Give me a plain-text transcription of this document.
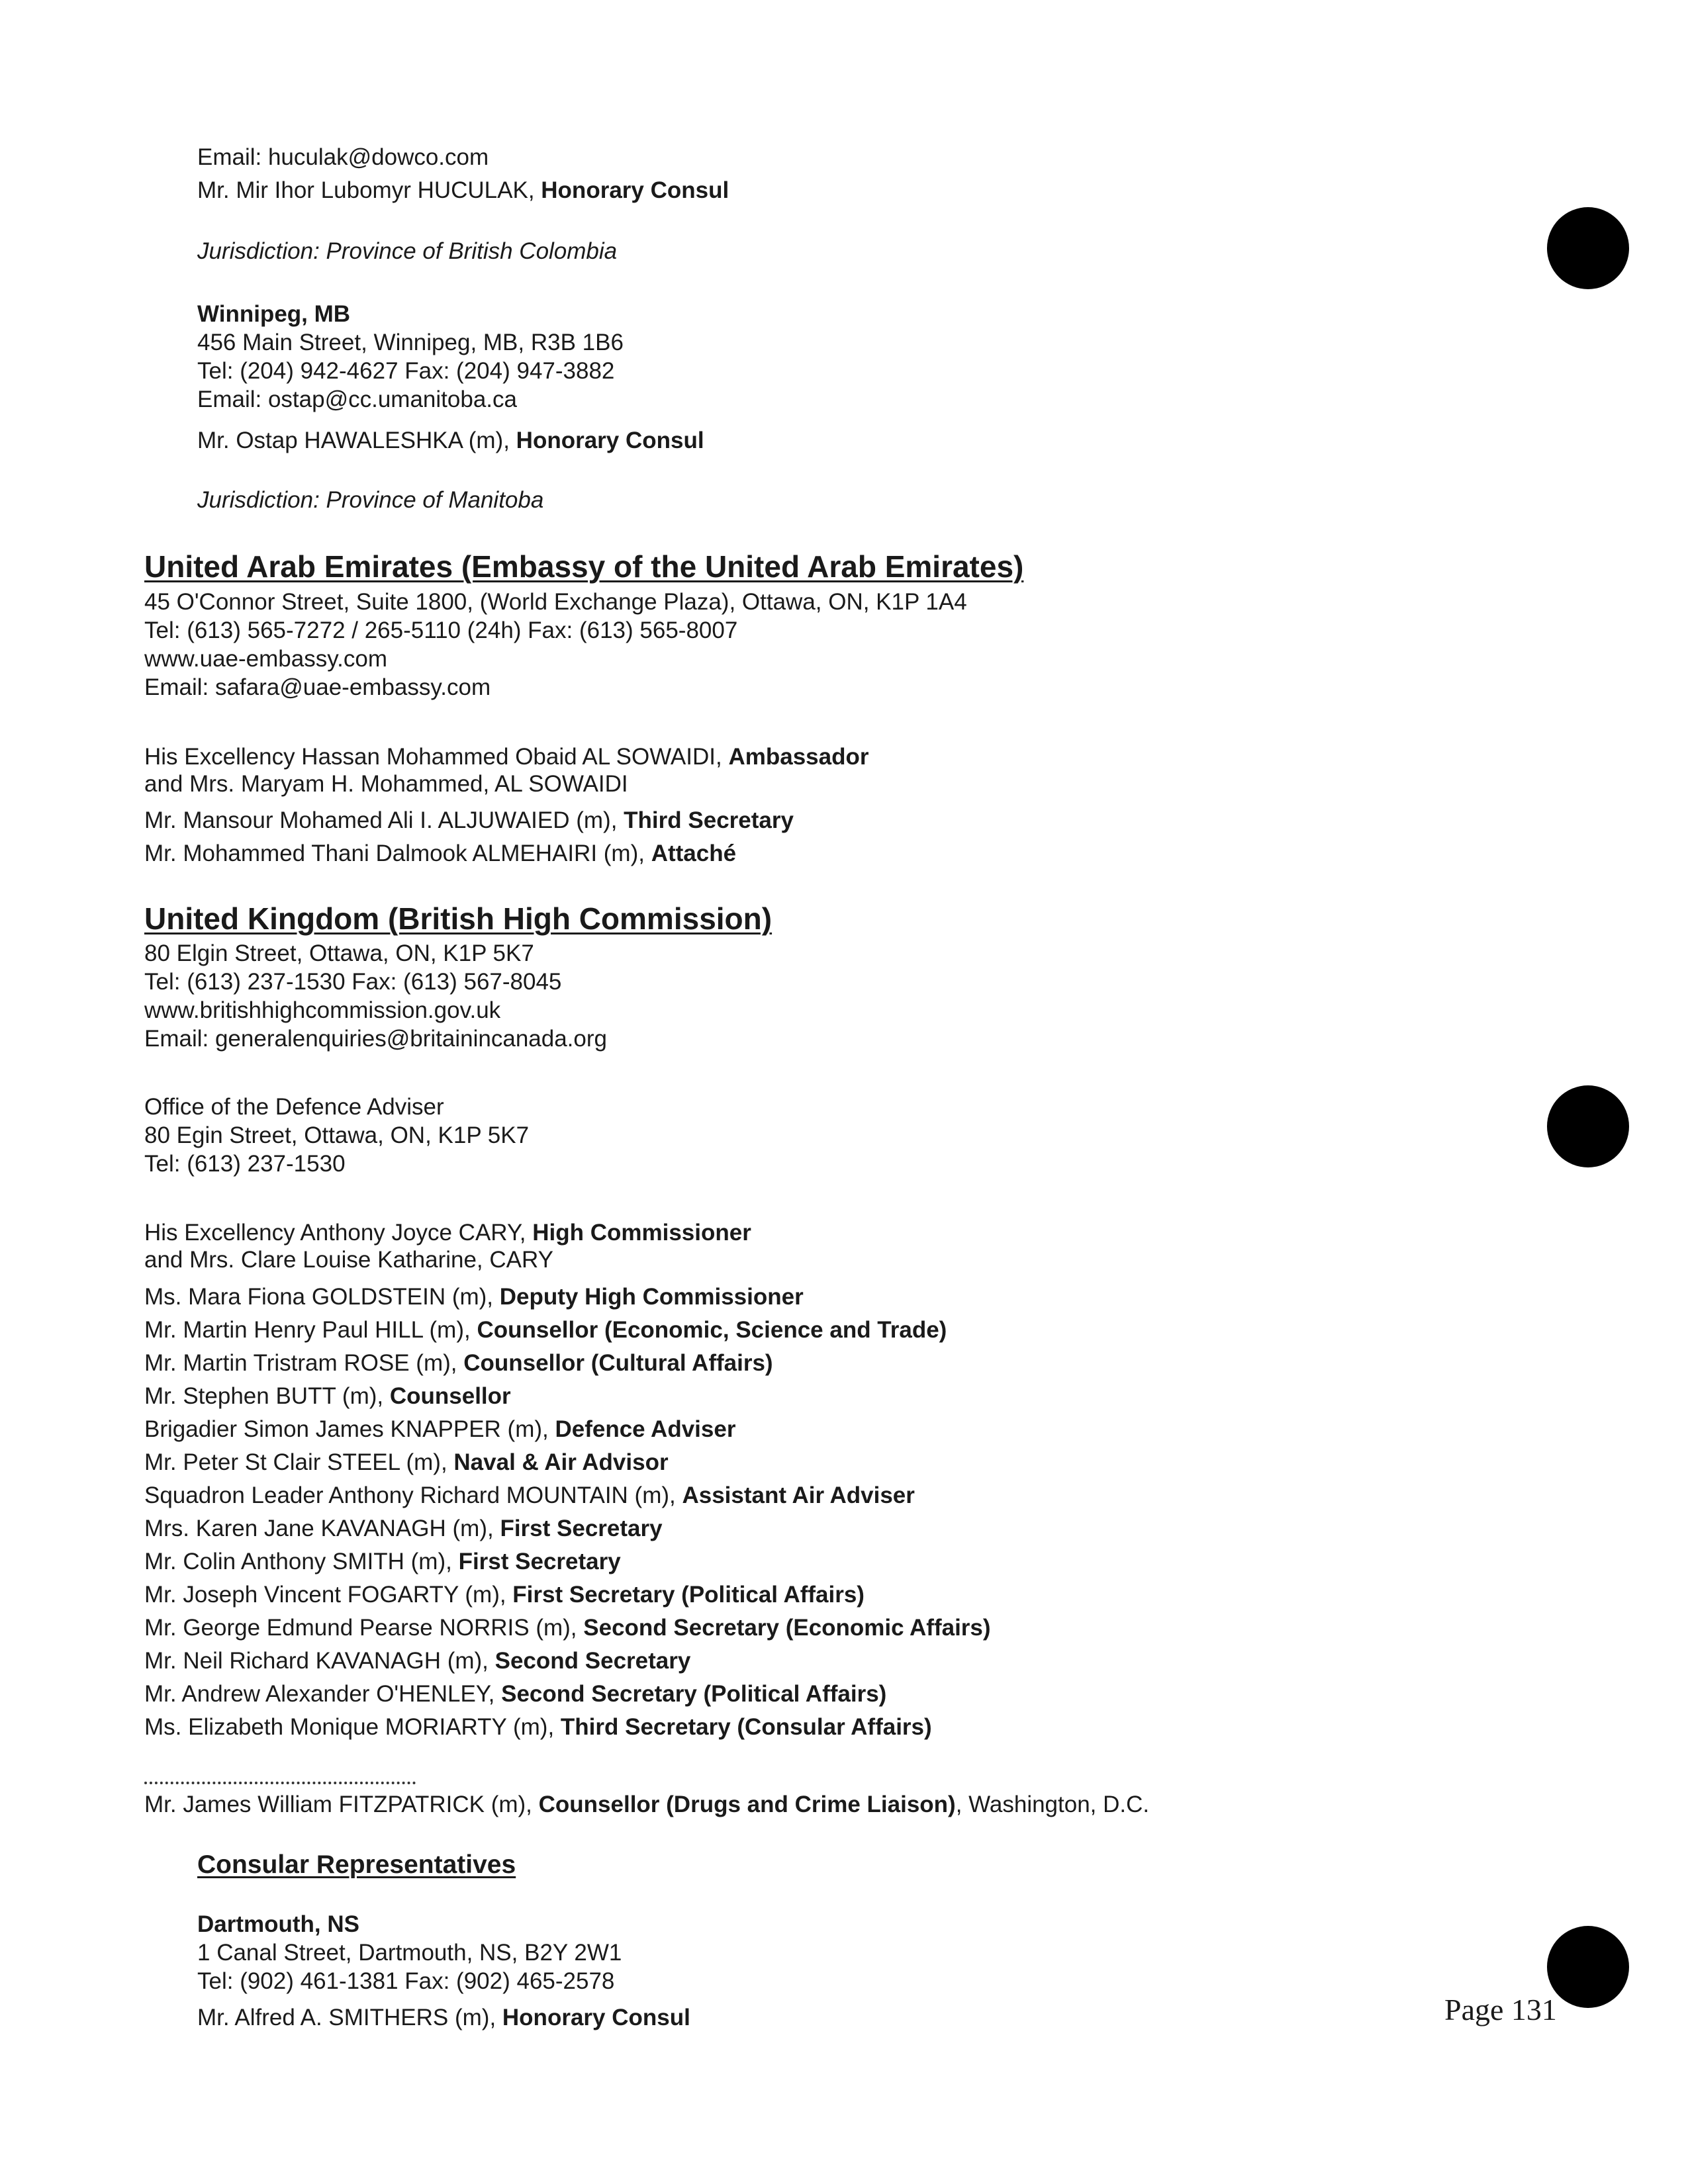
Email: huculak@dowco.com
Mr. Mir Ihor Lubomyr HUCULAK, Honorary Consul
Jurisdiction: Province of British Colombia
Winnipeg, MB
456 Main Street, Winnipeg, MB, R3B 1B6
Tel: (204) 942-4627 Fax: (204) 947-3882
Email: ostap@cc.umanitoba.ca
Mr. Ostap HAWALESHKA (m), Honorary Consul
Jurisdiction: Province of Manitoba
United Arab Emirates (Embassy of the United Arab Emirates)
45 O'Connor Street, Suite 1800, (World Exchange Plaza), Ottawa, ON, K1P 1A4
Tel: (613) 565-7272 / 265-5110 (24h) Fax: (613) 565-8007
www.uae-embassy.com
Email: safara@uae-embassy.com
His Excellency Hassan Mohammed Obaid AL SOWAIDI, Ambassador
and Mrs. Maryam H. Mohammed, AL SOWAIDI
Mr. Mansour Mohamed Ali I. ALJUWAIED (m), Third Secretary
Mr. Mohammed Thani Dalmook ALMEHAIRI (m), Attaché
United Kingdom (British High Commission)
80 Elgin Street, Ottawa, ON, K1P 5K7
Tel: (613) 237-1530 Fax: (613) 567-8045
www.britishhighcommission.gov.uk
Email: generalenquiries@britainincanada.org
Office of the Defence Adviser
80 Egin Street, Ottawa, ON, K1P 5K7
Tel: (613) 237-1530
His Excellency Anthony Joyce CARY, High Commissioner
and Mrs. Clare Louise Katharine, CARY
Ms. Mara Fiona GOLDSTEIN (m), Deputy High Commissioner
Mr. Martin Henry Paul HILL (m), Counsellor (Economic, Science and Trade)
Mr. Martin Tristram ROSE (m), Counsellor (Cultural Affairs)
Mr. Stephen BUTT (m), Counsellor
Brigadier Simon James KNAPPER (m), Defence Adviser
Mr. Peter St Clair STEEL (m), Naval & Air Advisor
Squadron Leader Anthony Richard MOUNTAIN (m), Assistant Air Adviser
Mrs. Karen Jane KAVANAGH (m), First Secretary
Mr. Colin Anthony SMITH (m), First Secretary
Mr. Joseph Vincent FOGARTY (m), First Secretary (Political Affairs)
Mr. George Edmund Pearse NORRIS (m), Second Secretary (Economic Affairs)
Mr. Neil Richard KAVANAGH (m), Second Secretary
Mr. Andrew Alexander O'HENLEY, Second Secretary (Political Affairs)
Ms. Elizabeth Monique MORIARTY (m), Third Secretary (Consular Affairs)
Mr. James William FITZPATRICK (m), Counsellor (Drugs and Crime Liaison), Washington, D.C.
Consular Representatives
Dartmouth, NS
1 Canal Street, Dartmouth, NS, B2Y 2W1
Tel: (902) 461-1381 Fax: (902) 465-2578
Mr. Alfred A. SMITHERS (m), Honorary Consul	Page 131
